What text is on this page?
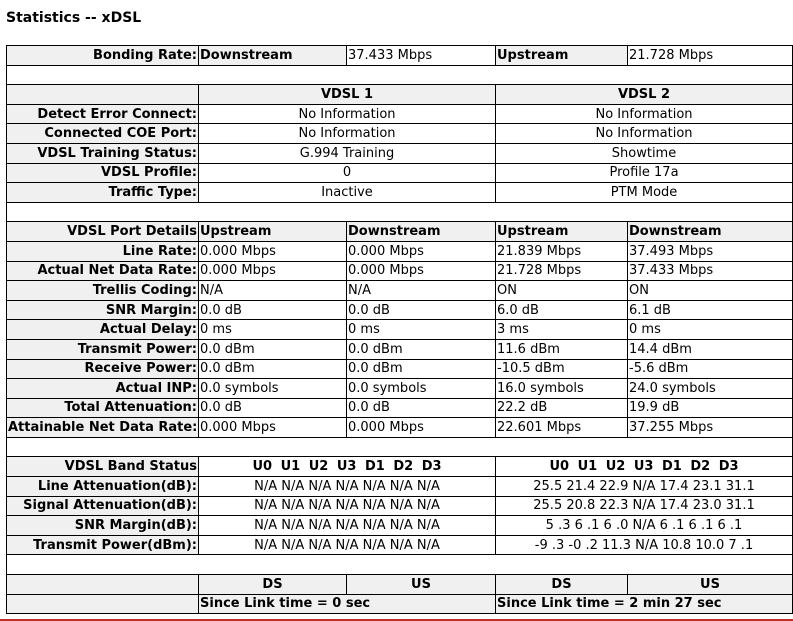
Statistics -- xDSL
Bonding Rate:	Downstream	37.433 Mbps	Upstream	21.728 Mbps

	VDSL 1		VDSL 2	
Detect Error Connect:	No Information		No Information	
Connected COE Port:	No Information		No Information	
VDSL Training Status:	G.994 Training		Showtime	
VDSL Profile:	0		Profile 17a	
Traffic Type:	Inactive		PTM Mode	

VDSL Port Details	Upstream	Downstream	Upstream	Downstream
Line Rate:	0.000 Mbps	0.000 Mbps	21.839 Mbps	37.493 Mbps
Actual Net Data Rate:	0.000 Mbps	0.000 Mbps	21.728 Mbps	37.433 Mbps
Trellis Coding:	N/A	N/A	ON	ON
SNR Margin:	0.0 dB	0.0 dB	6.0 dB	6.1 dB
Actual Delay:	0 ms	0 ms	3 ms	0 ms
Transmit Power:	0.0 dBm	0.0 dBm	11.6 dBm	14.4 dBm
Receive Power:	0.0 dBm	0.0 dBm	-10.5 dBm	-5.6 dBm
Actual INP:	0.0 symbols	0.0 symbols	16.0 symbols	24.0 symbols
Total Attenuation:	0.0 dB	0.0 dB	22.2 dB	19.9 dB
Attainable Net Data Rate:	0.000 Mbps	0.000 Mbps	22.601 Mbps	37.255 Mbps

VDSL Band Status	U0 U1 U2 U3 D1 D2 D3		U0 U1 U2 U3 D1 D2 D3	
Line Attenuation(dB):	N/A N/A N/A N/A N/A N/A N/A		25.5 21.4 22.9 N/A 17.4 23.1 31.1	
Signal Attenuation(dB):	N/A N/A N/A N/A N/A N/A N/A		25.5 20.8 22.3 N/A 17.4 23.0 31.1	
SNR Margin(dB):	N/A N/A N/A N/A N/A N/A N/A		5 .3 6 .1 6 .0 N/A 6 .1 6 .1 6 .1	
Transmit Power(dBm):	N/A N/A N/A N/A N/A N/A N/A		-9 .3 -0 .2 11.3 N/A 10.8 10.0 7 .1	

	DS	US	DS	US
	Since Link time = 0 sec		Since Link time = 2 min 27 sec	
